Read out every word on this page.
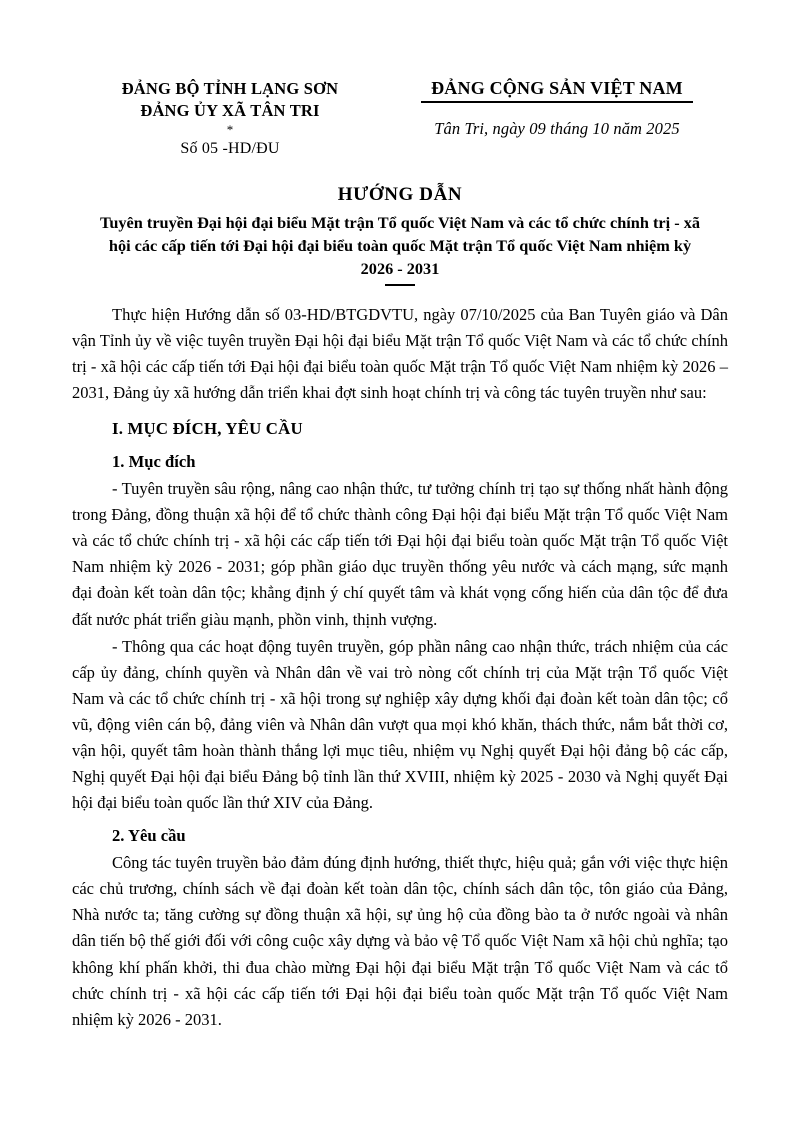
ĐẢNG BỘ TỈNH LẠNG SƠN
ĐẢNG ỦY XÃ TÂN TRI
*
Số 05 -HD/ĐU
ĐẢNG CỘNG SẢN VIỆT NAM
Tân Tri, ngày 09 tháng 10 năm 2025
HƯỚNG DẪN
Tuyên truyền Đại hội đại biểu Mặt trận Tổ quốc Việt Nam và các tổ chức chính trị - xã hội các cấp tiến tới Đại hội đại biểu toàn quốc Mặt trận Tổ quốc Việt Nam nhiệm kỳ 2026 - 2031

Thực hiện Hướng dẫn số 03-HD/BTGDVTU, ngày 07/10/2025 của Ban Tuyên giáo và Dân vận Tỉnh ủy về việc tuyên truyền Đại hội đại biểu Mặt trận Tổ quốc Việt Nam và các tổ chức chính trị - xã hội các cấp tiến tới Đại hội đại biểu toàn quốc Mặt trận Tổ quốc Việt Nam nhiệm kỳ 2026 – 2031, Đảng ủy xã hướng dẫn triển khai đợt sinh hoạt chính trị và công tác tuyên truyền như sau:

I. MỤC ĐÍCH, YÊU CẦU

1. Mục đích

- Tuyên truyền sâu rộng, nâng cao nhận thức, tư tưởng chính trị tạo sự thống nhất hành động trong Đảng, đồng thuận xã hội để tổ chức thành công Đại hội đại biểu Mặt trận Tổ quốc Việt Nam và các tổ chức chính trị - xã hội các cấp tiến tới Đại hội đại biểu toàn quốc Mặt trận Tổ quốc Việt Nam nhiệm kỳ 2026 - 2031; góp phần giáo dục truyền thống yêu nước và cách mạng, sức mạnh đại đoàn kết toàn dân tộc; khẳng định ý chí quyết tâm và khát vọng cống hiến của dân tộc để đưa đất nước phát triển giàu mạnh, phồn vinh, thịnh vượng.

- Thông qua các hoạt động tuyên truyền, góp phần nâng cao nhận thức, trách nhiệm của các cấp ủy đảng, chính quyền và Nhân dân về vai trò nòng cốt chính trị của Mặt trận Tổ quốc Việt Nam và các tổ chức chính trị - xã hội trong sự nghiệp xây dựng khối đại đoàn kết toàn dân tộc; cổ vũ, động viên cán bộ, đảng viên và Nhân dân vượt qua mọi khó khăn, thách thức, nắm bắt thời cơ, vận hội, quyết tâm hoàn thành thắng lợi mục tiêu, nhiệm vụ Nghị quyết Đại hội đảng bộ các cấp, Nghị quyết Đại hội đại biểu Đảng bộ tỉnh lần thứ XVIII, nhiệm kỳ 2025 - 2030 và Nghị quyết Đại hội đại biểu toàn quốc lần thứ XIV của Đảng.

2. Yêu cầu

Công tác tuyên truyền bảo đảm đúng định hướng, thiết thực, hiệu quả; gắn với việc thực hiện các chủ trương, chính sách về đại đoàn kết toàn dân tộc, chính sách dân tộc, tôn giáo của Đảng, Nhà nước ta; tăng cường sự đồng thuận xã hội, sự ủng hộ của đồng bào ta ở nước ngoài và nhân dân tiến bộ thế giới đối với công cuộc xây dựng và bảo vệ Tổ quốc Việt Nam xã hội chủ nghĩa; tạo không khí phấn khởi, thi đua chào mừng Đại hội đại biểu Mặt trận Tổ quốc Việt Nam và các tổ chức chính trị - xã hội các cấp tiến tới Đại hội đại biểu toàn quốc Mặt trận Tổ quốc Việt Nam nhiệm kỳ 2026 - 2031.
